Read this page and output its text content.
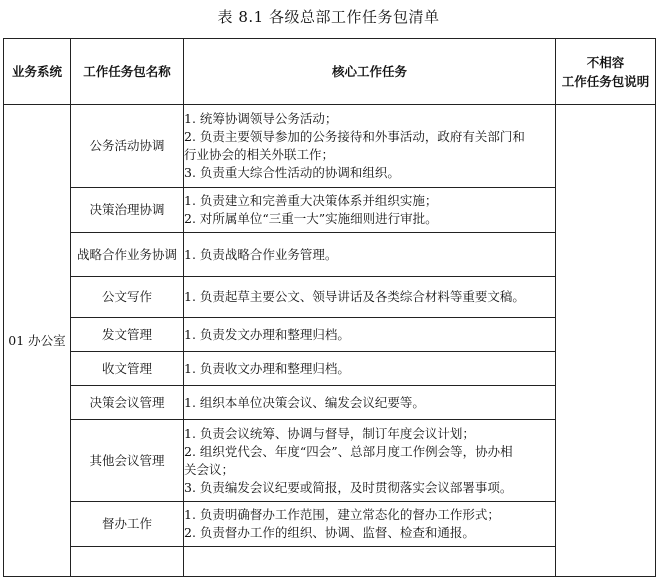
表 8.1 各级总部工作任务包清单
业务系统	工作任务包名称	核心工作任务	不相容
工作任务包说明

01 办公室	公务活动协调	1. 统筹协调领导公务活动；
2. 负责主要领导参加的公务接待和外事活动，政府有关部门和
行业协会的相关外联工作；
3. 负责重大综合性活动的协调和组织。	

	决策治理协调	1. 负责建立和完善重大决策体系并组织实施；
2. 对所属单位“三重一大”实施细则进行审批。	

	战略合作业务协调	1. 负责战略合作业务管理。	

	公文写作	1. 负责起草主要公文、领导讲话及各类综合材料等重要文稿。	

	发文管理	1. 负责发文办理和整理归档。	

	收文管理	1. 负责收文办理和整理归档。	

	决策会议管理	1. 组织本单位决策会议、编发会议纪要等。	

	其他会议管理	1. 负责会议统筹、协调与督导，制订年度会议计划；
2. 组织党代会、年度“四会”、总部月度工作例会等，协办相
关会议；
3. 负责编发会议纪要或简报，及时贯彻落实会议部署事项。	

	督办工作	1. 负责明确督办工作范围，建立常态化的督办工作形式；
2. 负责督办工作的组织、协调、监督、检查和通报。	
